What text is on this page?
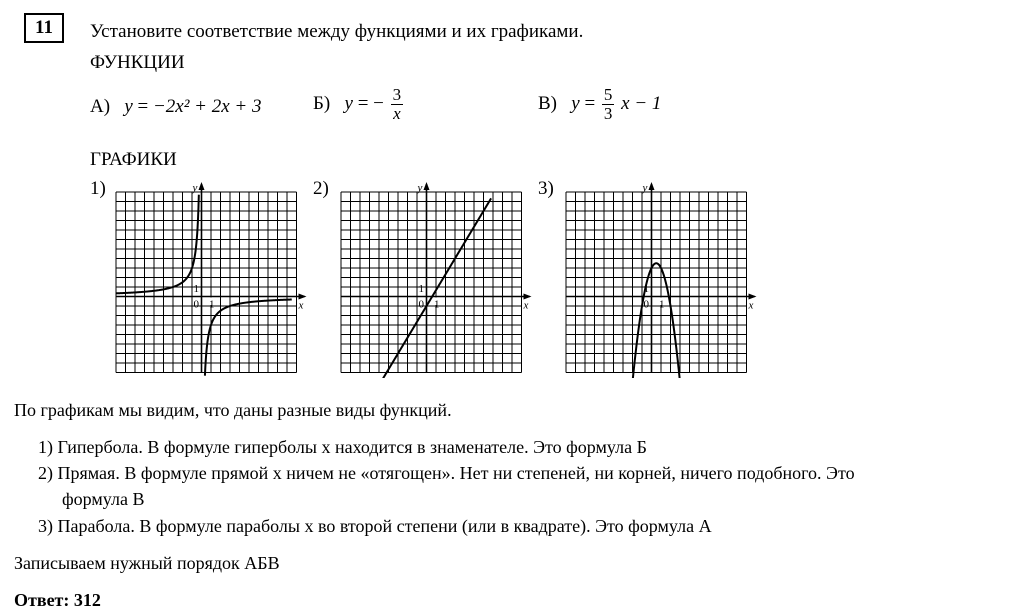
11	Установите соответствие между функциями и их графиками.
ФУНКЦИИ
А) y = −2x² + 2x + 3	Б) y = − $\frac{3}{x}$	В) $y = \frac{5}{3}$ x − 1
ГРАФИКИ
1)	2)	3)
x
y
0 1
1
x
y
0 1
1
x
y
0 1
1
По графикам мы видим, что даны разные виды функций.
1) Гипербола. В формуле гиперболы х находится в знаменателе. Это формула Б
2) Прямая. В формуле прямой х ничем не «отягощен». Нет ни степеней, ни корней, ничего подобного. Это
формула В
3) Парабола. В формуле параболы х во второй степени (или в квадрате). Это формула А
Записываем нужный порядок АБВ
Ответ: 312
